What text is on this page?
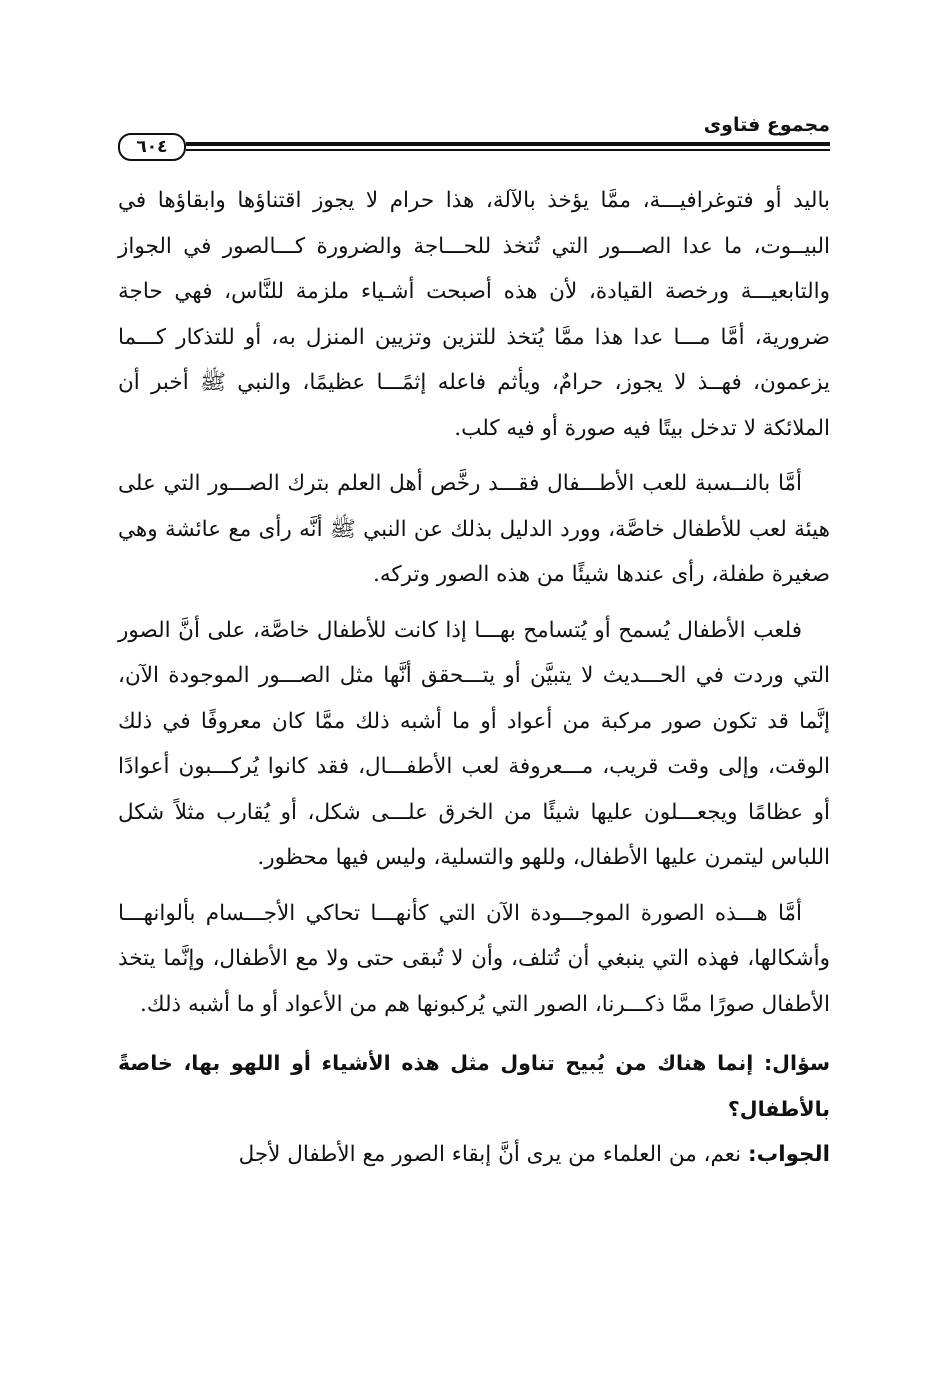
مجموع فتاوى
٦٠٤

باليد أو فتوغرافيـــة، ممَّا يؤخذ بالآلة، هذا حرام لا يجوز اقتناؤها وابقاؤها في البيــوت، ما عدا الصـــور التي تُتخذ للحـــاجة والضرورة كـــالصور في الجواز والتابعيـــة ورخصة القيادة، لأن هذه أصبحت أشـياء ملزمة للنَّاس، فهي حاجة ضرورية، أمَّا مـــا عدا هذا ممَّا يُتخذ للتزين وتزيين المنزل به، أو للتذكار كـــما يزعمون، فهــذ لا يجوز، حرامٌ، ويأثم فاعله إثمًـــا عظيمًا، والنبي ﷺ أخبر أن الملائكة لا تدخل بيتًا فيه صورة أو فيه كلب.

أمَّا بالنــسبة للعب الأطـــفال فقـــد رخَّص أهل العلم بترك الصـــور التي على هيئة لعب للأطفال خاصَّة، وورد الدليل بذلك عن النبي ﷺ أنَّه رأى مع عائشة وهي صغيرة طفلة، رأى عندها شيئًا من هذه الصور وتركه.

فلعب الأطفال يُسمح أو يُتسامح بهـــا إذا كانت للأطفال خاصَّة، على أنَّ الصور التي وردت في الحـــديث لا يتبيَّن أو يتـــحقق أنَّها مثل الصـــور الموجودة الآن، إنَّما قد تكون صور مركبة من أعواد أو ما أشبه ذلك ممَّا كان معروفًا في ذلك الوقت، وإلى وقت قريب، مـــعروفة لعب الأطفـــال، فقد كانوا يُركـــبون أعوادًا أو عظامًا ويجعـــلون عليها شيئًا من الخرق علـــى شكل، أو يُقارب مثلاً شكل اللباس ليتمرن عليها الأطفال، وللهو والتسلية، وليس فيها محظور.

أمَّا هـــذه الصورة الموجـــودة الآن التي كأنهـــا تحاكي الأجـــسام بألوانهـــا وأشكالها، فهذه التي ينبغي أن تُتلف، وأن لا تُبقى حتى ولا مع الأطفال، وإنَّما يتخذ الأطفال صورًا ممَّا ذكـــرنا، الصور التي يُركبونها هم من الأعواد أو ما أشبه ذلك.

سؤال: إنما هناك من يُبيح تناول مثل هذه الأشياء أو اللهو بها، خاصةً بالأطفال؟

الجواب: نعم، من العلماء من يرى أنَّ إبقاء الصور مع الأطفال لأجل
